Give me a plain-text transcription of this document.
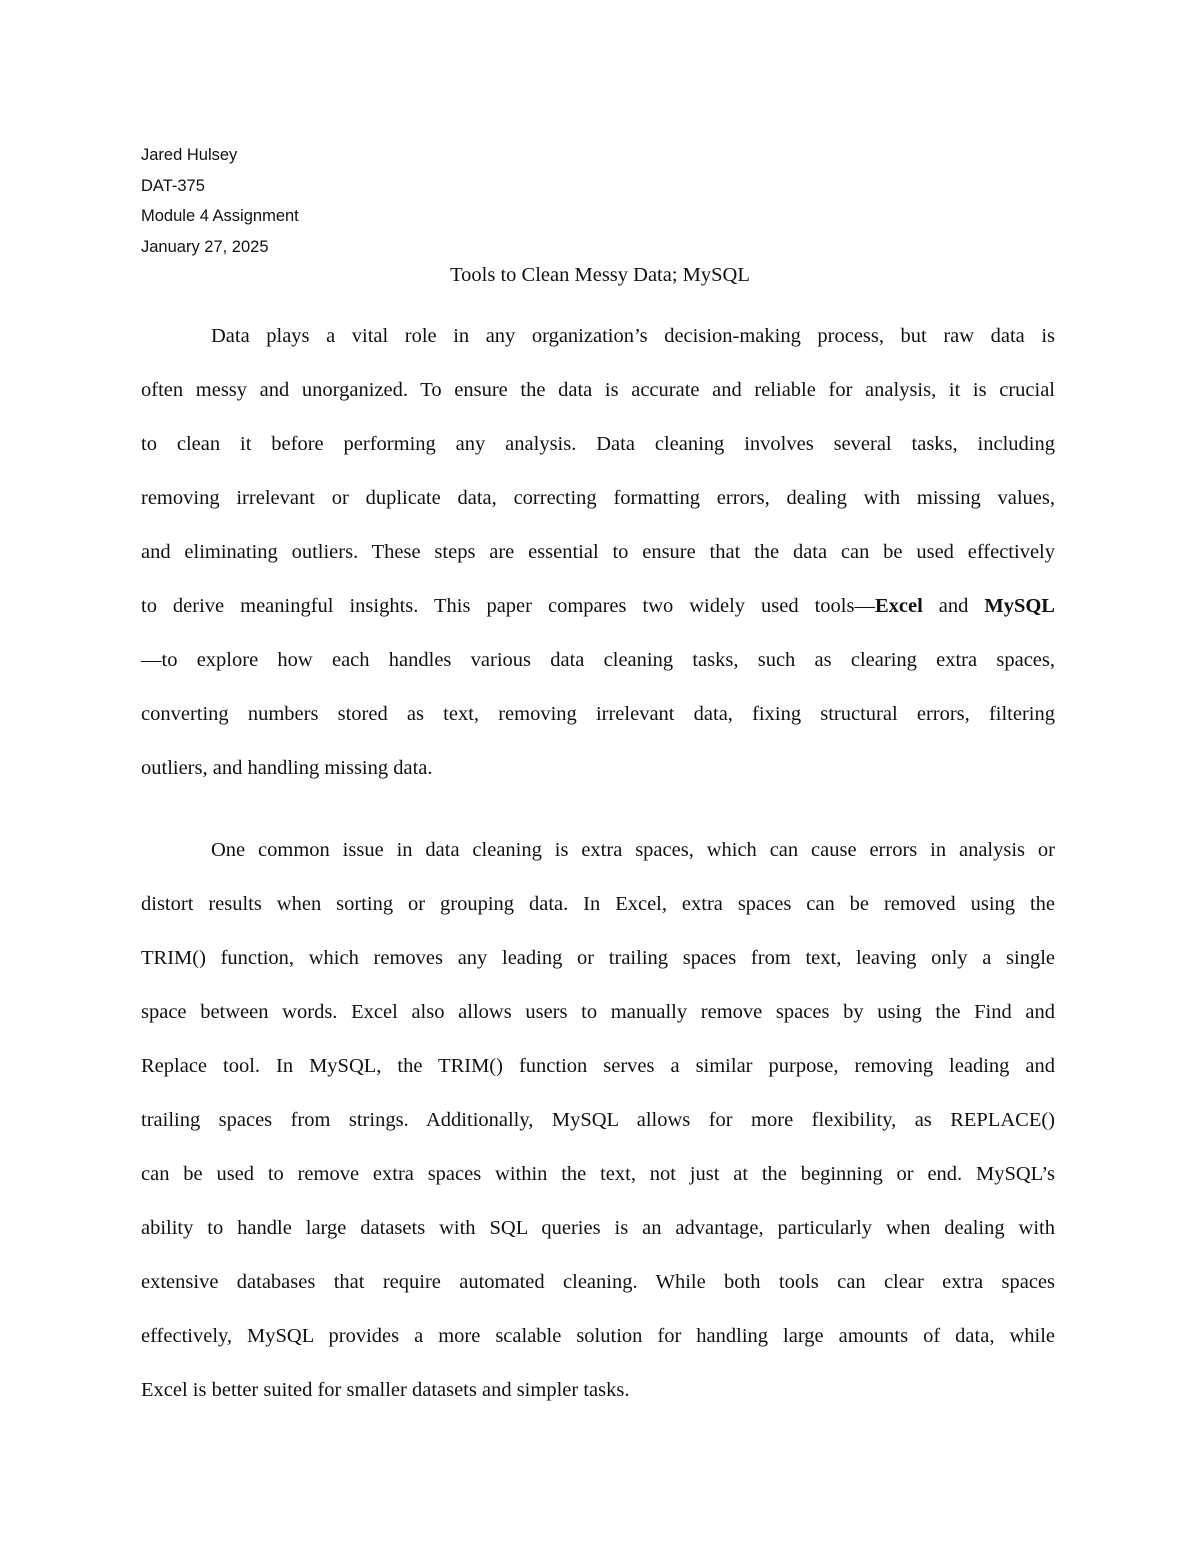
Jared Hulsey
DAT-375
Module 4 Assignment
January 27, 2025
Tools to Clean Messy Data; MySQL
Data plays a vital role in any organization’s decision-making process, but raw data is
often messy and unorganized. To ensure the data is accurate and reliable for analysis, it is crucial
to clean it before performing any analysis. Data cleaning involves several tasks, including
removing irrelevant or duplicate data, correcting formatting errors, dealing with missing values,
and eliminating outliers. These steps are essential to ensure that the data can be used effectively
to derive meaningful insights. This paper compares two widely used tools—Excel and MySQL
—to explore how each handles various data cleaning tasks, such as clearing extra spaces,
converting numbers stored as text, removing irrelevant data, fixing structural errors, filtering
outliers, and handling missing data.
One common issue in data cleaning is extra spaces, which can cause errors in analysis or
distort results when sorting or grouping data. In Excel, extra spaces can be removed using the
TRIM() function, which removes any leading or trailing spaces from text, leaving only a single
space between words. Excel also allows users to manually remove spaces by using the Find and
Replace tool. In MySQL, the TRIM() function serves a similar purpose, removing leading and
trailing spaces from strings. Additionally, MySQL allows for more flexibility, as REPLACE()
can be used to remove extra spaces within the text, not just at the beginning or end. MySQL’s
ability to handle large datasets with SQL queries is an advantage, particularly when dealing with
extensive databases that require automated cleaning. While both tools can clear extra spaces
effectively, MySQL provides a more scalable solution for handling large amounts of data, while
Excel is better suited for smaller datasets and simpler tasks.
